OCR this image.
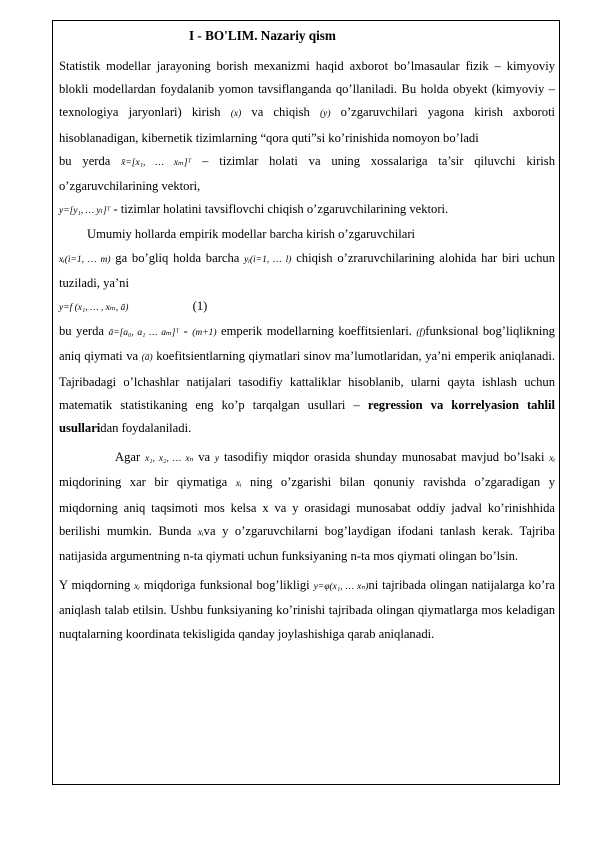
I - BO'LIM. Nazariy qism

Statistik modellar jarayoning borish mexanizmi haqid axborot bo’lmasaular fizik – kimyoviy blokli modellardan foydalanib yomon tavsiflanganda qo’llaniladi. Bu holda obyekt (kimyoviy – texnologiya jaryonlari) kirish (x) va chiqish (y) o’zgaruvchilari yagona kirish axboroti hisoblanadigan, kibernetik tizimlarning “qora quti”si ko’rinishida nomoyon bo’ladi

bu yerda x̄=[x₁, … xₘ]ᵀ – tizimlar holati va uning xossalariga ta’sir qiluvchi kirish o’zgaruvchilarining vektori,

y=[y₁, … yₗ]ᵀ - tizimlar holatini tavsiflovchi chiqish o’zgaruvchilarining vektori.

Umumiy hollarda empirik modellar barcha kirish o’zgaruvchilari

xᵢ(i=1, … m) ga bo’gliq holda barcha yᵢ(i=1, … l) chiqish o’zraruvchilarining alohida har biri uchun tuziladi, ya’ni

y=f (x₁, … , xₘ, ā)	(1)

bu yerda ā=[a₀, a₁ … aₘ]ᵀ - (m+1) emperik modellarning koeffitsienlari. (f)funksional bog’liqlikning aniq qiymati va (ā) koefitsientlarning qiymatlari sinov ma’lumotlaridan, ya’ni emperik aniqlanadi. Tajribadagi o’lchashlar natijalari tasodifiy kattaliklar hisoblanib, ularni qayta ishlash uchun matematik statistikaning eng ko’p tarqalgan usullari – regression va korrelyasion tahlil usullaridan foydalaniladi.

Agar x₁, x₂, … xₙ va y tasodifiy miqdor orasida shunday munosabat mavjud bo’lsaki xᵢ miqdorining xar bir qiymatiga xᵢ ning o’zgarishi bilan qonuniy ravishda o’zgaradigan y miqdorning aniq taqsimoti mos kelsa x va y orasidagi munosabat oddiy jadval ko’rinishhida berilishi mumkin. Bunda xᵢva y o’zgaruvchilarni bog’laydigan ifodani tanlash kerak. Tajriba natijasida argumentning n-ta qiymati uchun funksiyaning n-ta mos qiymati olingan bo’lsin.

Y miqdorning xᵢ miqdoriga funksional bog’likligi y=φ(x₁, … xₙ)ni tajribada olingan natijalarga ko’ra aniqlash talab etilsin. Ushbu funksiyaning ko’rinishi tajribada olingan qiymatlarga mos keladigan nuqtalarning koordinata tekisligida qanday joylashishiga qarab aniqlanadi.
